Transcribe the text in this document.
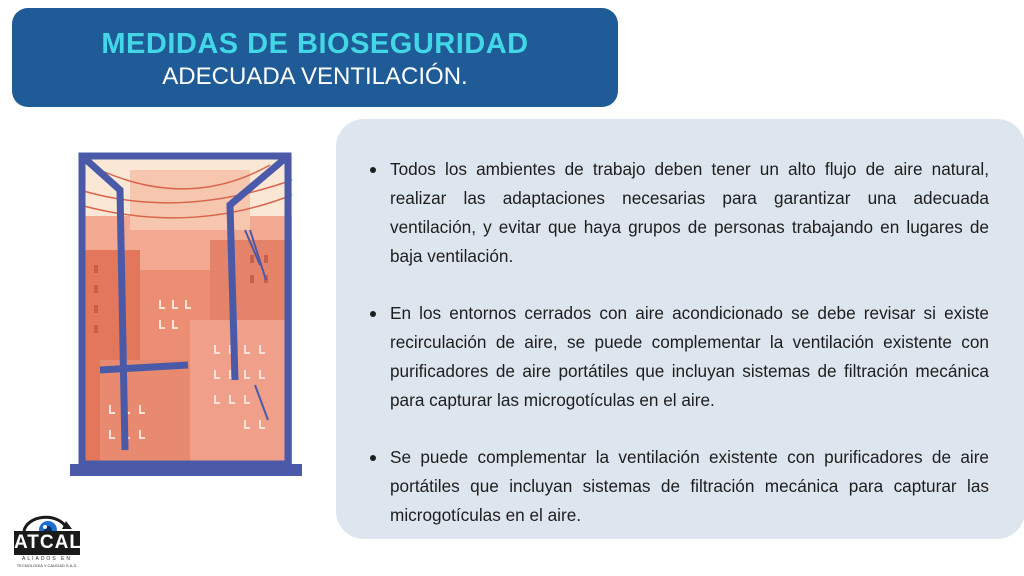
MEDIDAS DE BIOSEGURIDAD
ADECUADA VENTILACIÓN.
Todos los ambientes de trabajo deben tener un alto flujo de aire natural, realizar las adaptaciones necesarias para garantizar una adecuada ventilación, y evitar que haya grupos de personas trabajando en lugares de baja ventilación.
En los entornos cerrados con aire acondicionado se debe revisar si existe recirculación de aire, se puede complementar la ventilación existente con purificadores de aire portátiles que incluyan sistemas de filtración mecánica para capturar las microgotículas en el aire.
Se puede complementar la ventilación existente con purificadores de aire portátiles que incluyan sistemas de filtración mecánica para capturar las microgotículas en el aire.
ATCAL
ALIADOS EN
TECNOLOGIA Y CALIDAD S.A.S.
